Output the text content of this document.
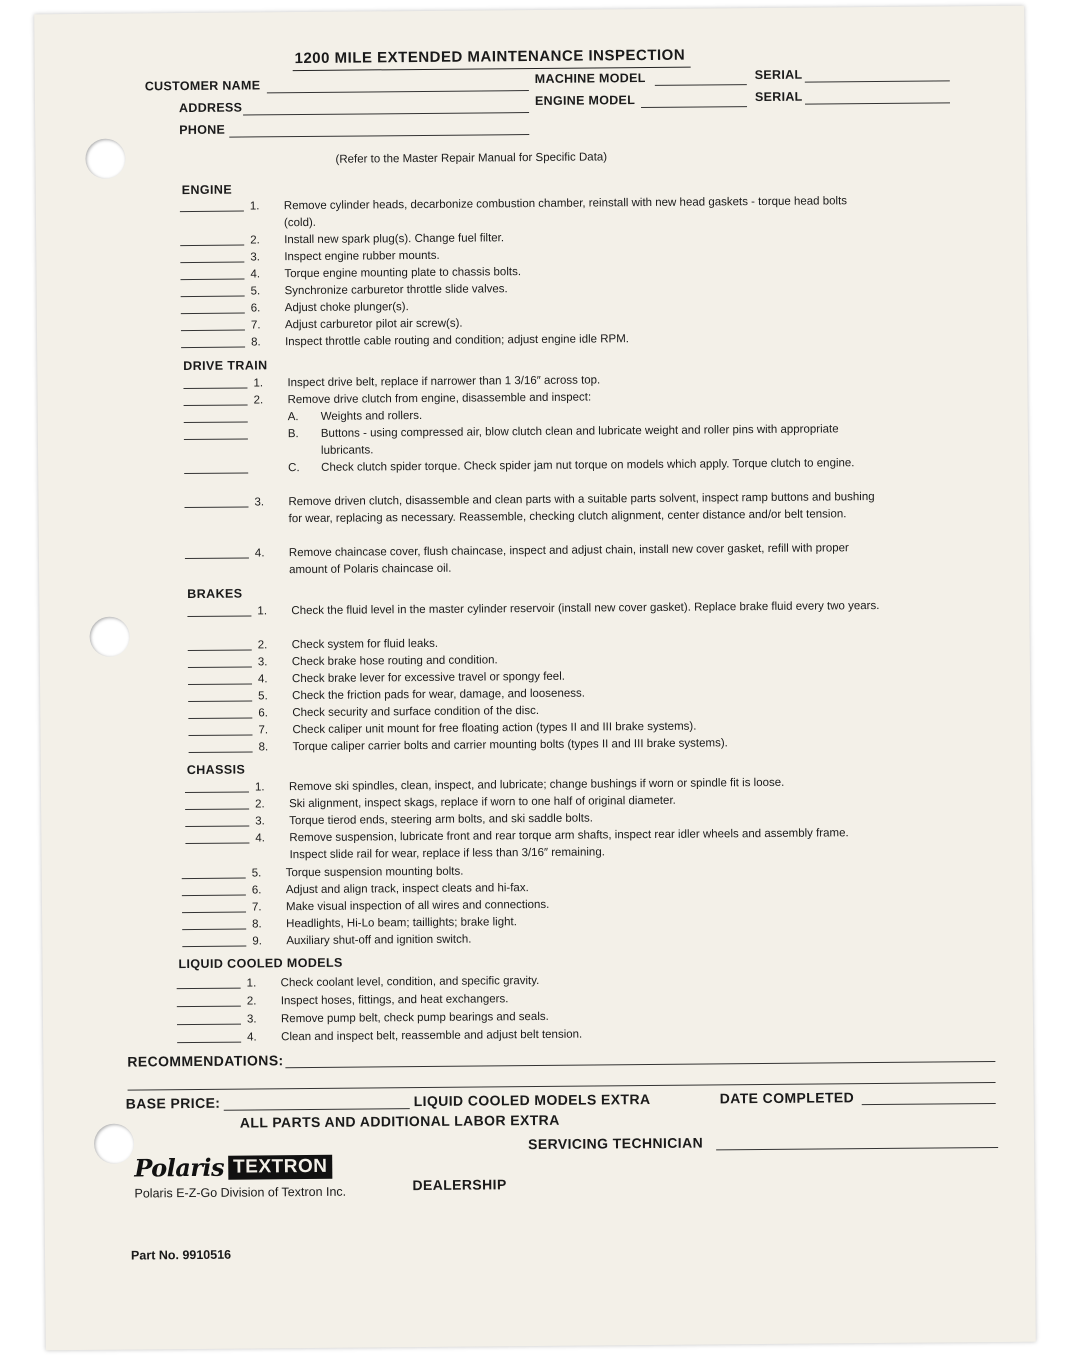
1200 MILE EXTENDED MAINTENANCE INSPECTION
CUSTOMER NAME
ADDRESS
PHONE
MACHINE MODEL
ENGINE MODEL
SERIAL
SERIAL
(Refer to the Master Repair Manual for Specific Data)
ENGINE
1. Remove cylinder heads, decarbonize combustion chamber, reinstall with new head gaskets - torque head bolts (cold).
2. Install new spark plug(s). Change fuel filter.
3. Inspect engine rubber mounts.
4. Torque engine mounting plate to chassis bolts.
5. Synchronize carburetor throttle slide valves.
6. Adjust choke plunger(s).
7. Adjust carburetor pilot air screw(s).
8. Inspect throttle cable routing and condition; adjust engine idle RPM.
DRIVE TRAIN
1. Inspect drive belt, replace if narrower than 1 3/16″ across top.
2. Remove drive clutch from engine, disassemble and inspect:
A. Weights and rollers.
B. Buttons - using compressed air, blow clutch clean and lubricate weight and roller pins with appropriate lubricants.
C. Check clutch spider torque. Check spider jam nut torque on models which apply. Torque clutch to engine.
3. Remove driven clutch, disassemble and clean parts with a suitable parts solvent, inspect ramp buttons and bushing for wear, replacing as necessary. Reassemble, checking clutch alignment, center distance and/or belt tension.
4. Remove chaincase cover, flush chaincase, inspect and adjust chain, install new cover gasket, refill with proper amount of Polaris chaincase oil.
BRAKES
1. Check the fluid level in the master cylinder reservoir (install new cover gasket). Replace brake fluid every two years.
2. Check system for fluid leaks.
3. Check brake hose routing and condition.
4. Check brake lever for excessive travel or spongy feel.
5. Check the friction pads for wear, damage, and looseness.
6. Check security and surface condition of the disc.
7. Check caliper unit mount for free floating action (types II and III brake systems).
8. Torque caliper carrier bolts and carrier mounting bolts (types II and III brake systems).
CHASSIS
1. Remove ski spindles, clean, inspect, and lubricate; change bushings if worn or spindle fit is loose.
2. Ski alignment, inspect skags, replace if worn to one half of original diameter.
3. Torque tierod ends, steering arm bolts, and ski saddle bolts.
4. Remove suspension, lubricate front and rear torque arm shafts, inspect rear idler wheels and assembly frame. Inspect slide rail for wear, replace if less than 3/16″ remaining.
5. Torque suspension mounting bolts.
6. Adjust and align track, inspect cleats and hi-fax.
7. Make visual inspection of all wires and connections.
8. Headlights, Hi-Lo beam; taillights; brake light.
9. Auxiliary shut-off and ignition switch.
LIQUID COOLED MODELS
1. Check coolant level, condition, and specific gravity.
2. Inspect hoses, fittings, and heat exchangers.
3. Remove pump belt, check pump bearings and seals.
4. Clean and inspect belt, reassemble and adjust belt tension.
RECOMMENDATIONS:
BASE PRICE:	LIQUID COOLED MODELS EXTRA	DATE COMPLETED
ALL PARTS AND ADDITIONAL LABOR EXTRA
SERVICING TECHNICIAN
Polaris TEXTRON
Polaris E-Z-Go Division of Textron Inc.	DEALERSHIP
Part No. 9910516
